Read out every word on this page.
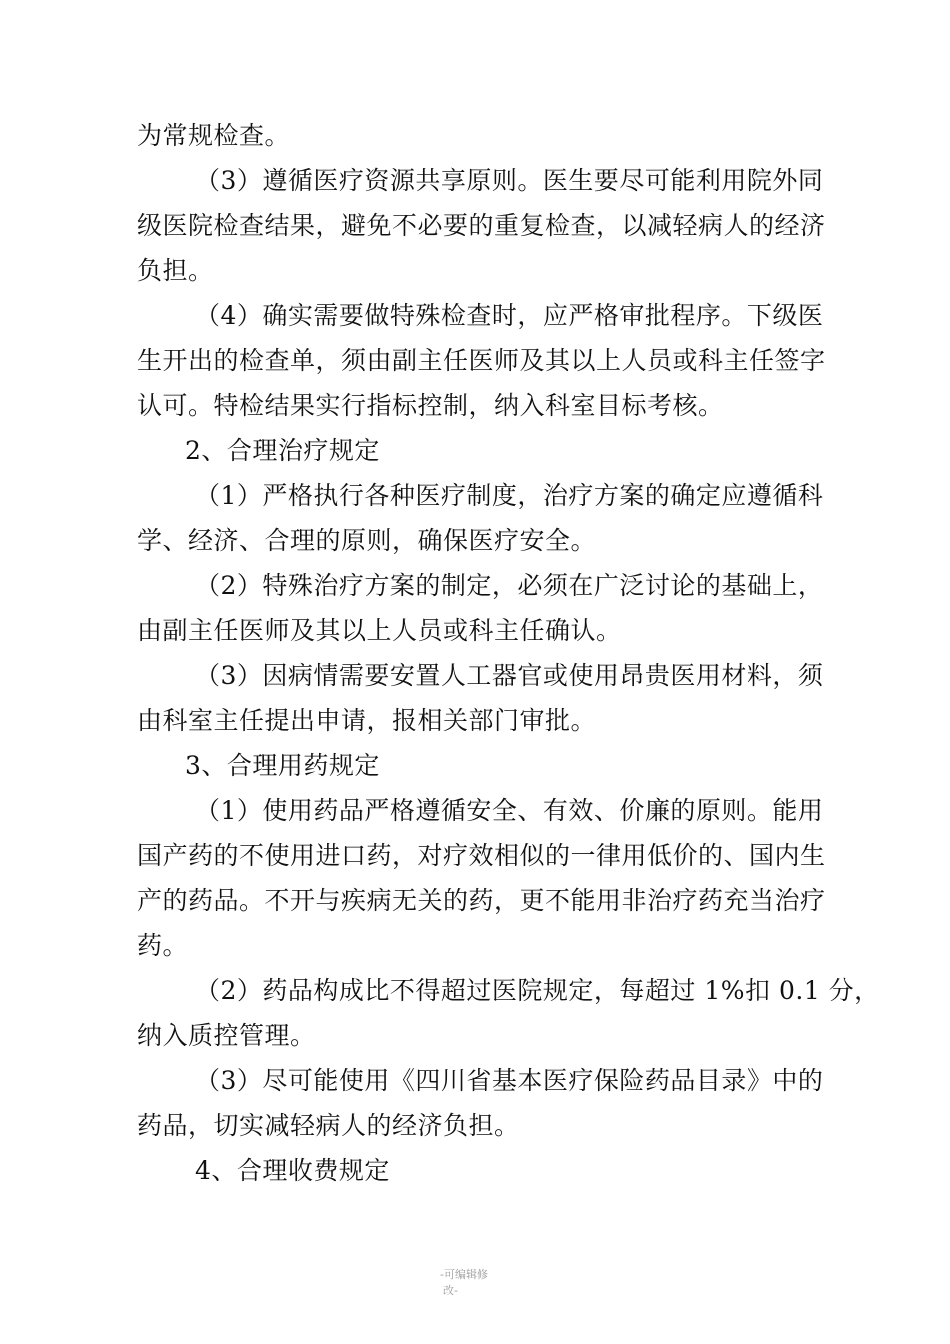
为常规检查。
（3）遵循医疗资源共享原则。医生要尽可能利用院外同
级医院检查结果，避免不必要的重复检查，以减轻病人的经济
负担。
（4）确实需要做特殊检查时，应严格审批程序。下级医
生开出的检查单，须由副主任医师及其以上人员或科主任签字
认可。特检结果实行指标控制，纳入科室目标考核。
2、合理治疗规定
（1）严格执行各种医疗制度，治疗方案的确定应遵循科
学、经济、合理的原则，确保医疗安全。
（2）特殊治疗方案的制定，必须在广泛讨论的基础上，
由副主任医师及其以上人员或科主任确认。
（3）因病情需要安置人工器官或使用昂贵医用材料，须
由科室主任提出申请，报相关部门审批。
3、合理用药规定
（1）使用药品严格遵循安全、有效、价廉的原则。能用
国产药的不使用进口药，对疗效相似的一律用低价的、国内生
产的药品。不开与疾病无关的药，更不能用非治疗药充当治疗
药。
（2）药品构成比不得超过医院规定，每超过 1%扣 0.1 分，
纳入质控管理。
（3）尽可能使用《四川省基本医疗保险药品目录》中的
药品，切实减轻病人的经济负担。
4、合理收费规定
-可编辑修
改-
